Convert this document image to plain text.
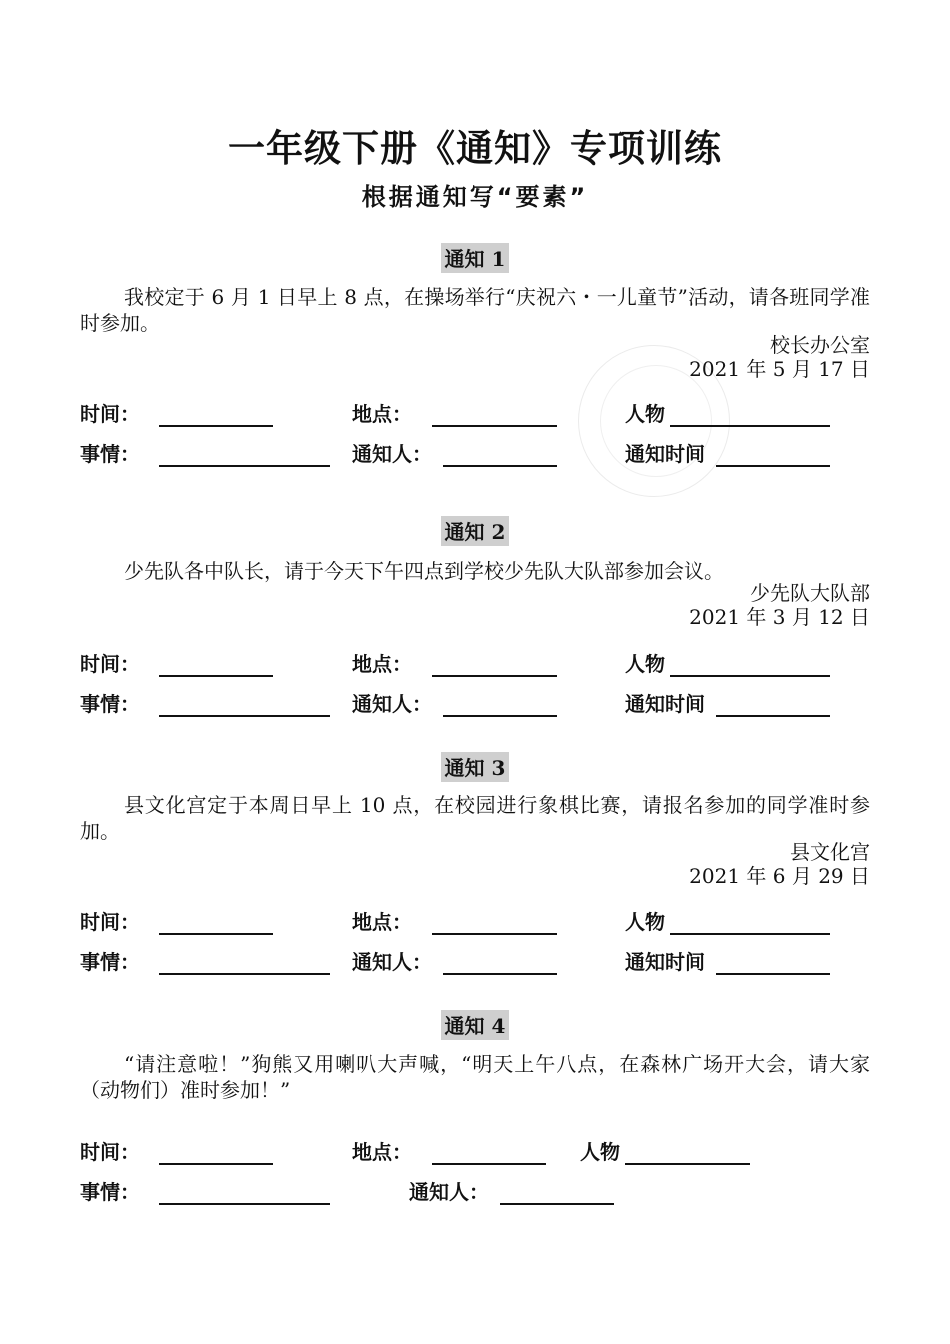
一年级下册《通知》专项训练
根据通知写“要素”
通知 1

我校定于 6 月 1 日早上 8 点，在操场举行“庆祝六・一儿童节”活动，请各班同学准时参加。

校长办公室
2021 年 5 月 17 日
时间：	地点：	人物
事情：	通知人：	通知时间
通知 2

少先队各中队长，请于今天下午四点到学校少先队大队部参加会议。

少先队大队部
2021 年 3 月 12 日
时间：	地点：	人物
事情：	通知人：	通知时间
通知 3

县文化宫定于本周日早上 10 点，在校园进行象棋比赛，请报名参加的同学准时参加。

县文化宫
2021 年 6 月 29 日
时间：	地点：	人物
事情：	通知人：	通知时间
通知 4

“请注意啦！”狗熊又用喇叭大声喊，“明天上午八点，在森林广场开大会，请大家（动物们）准时参加！”

时间：	地点：	人物
事情：	通知人：
